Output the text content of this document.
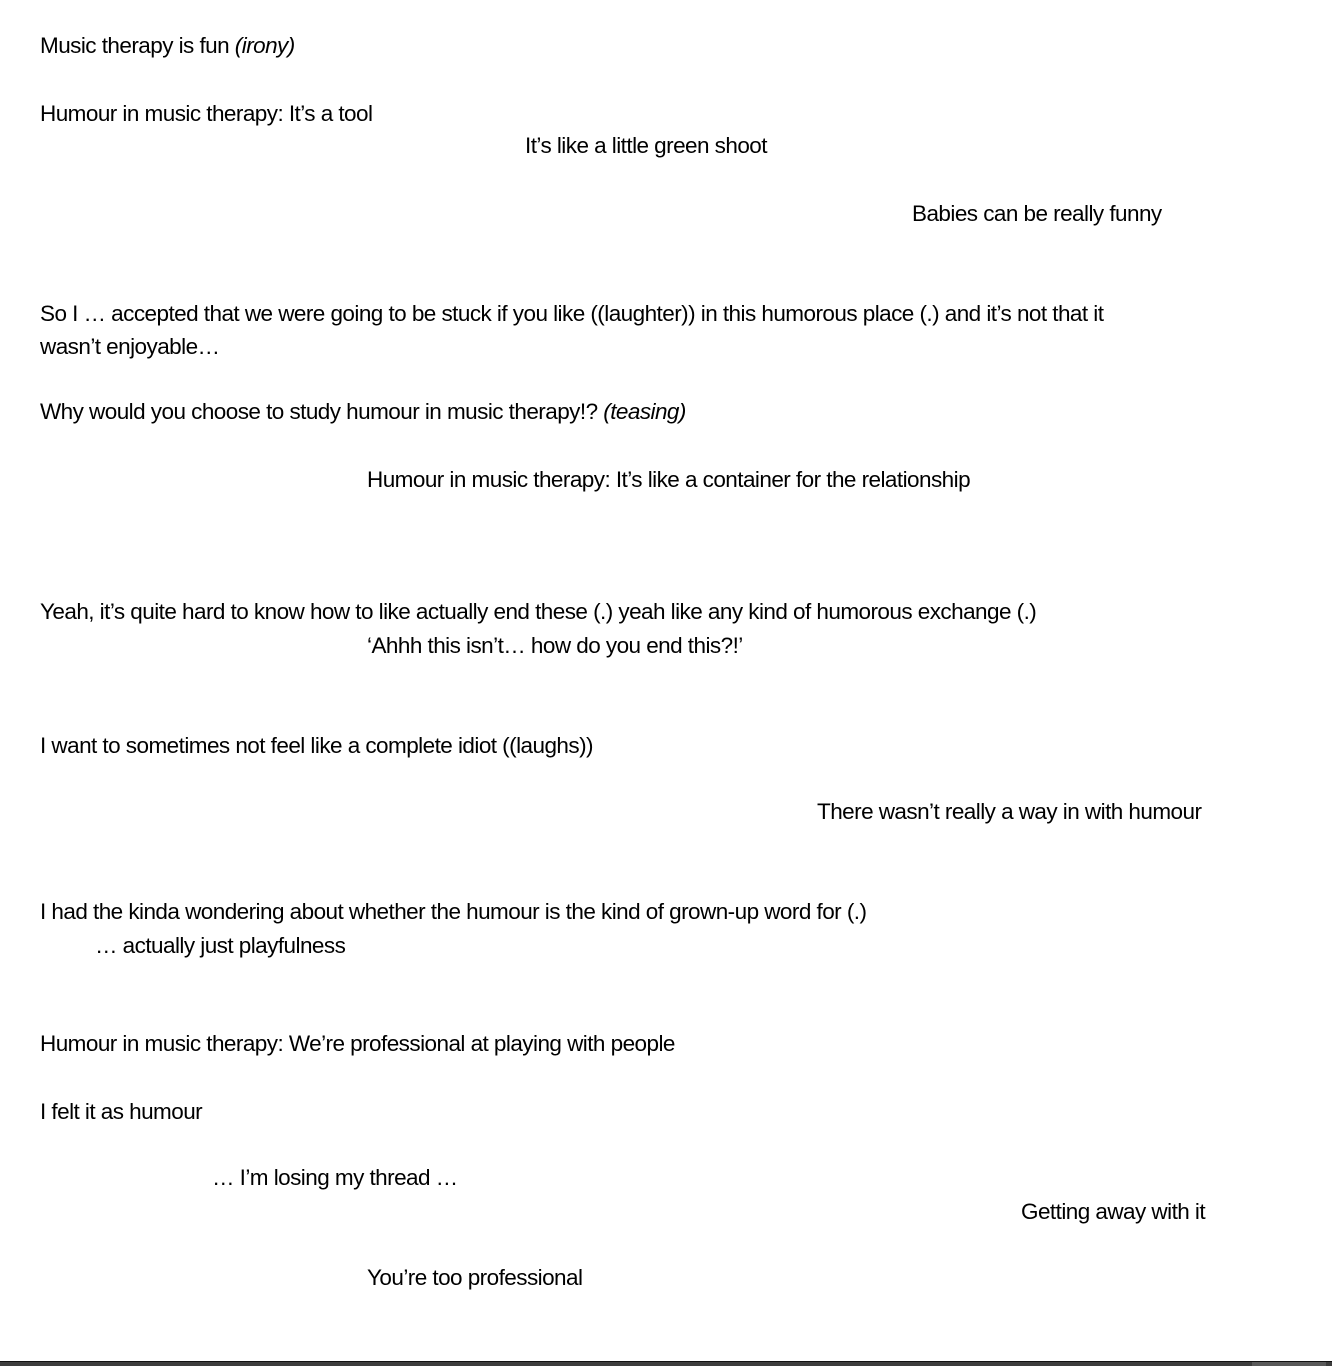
Music therapy is fun (irony)
Humour in music therapy: It’s a tool
It’s like a little green shoot
Babies can be really funny
So I … accepted that we were going to be stuck if you like ((laughter)) in this humorous place (.) and it’s not that it
wasn’t enjoyable…
Why would you choose to study humour in music therapy!? (teasing)
Humour in music therapy: It’s like a container for the relationship
Yeah, it’s quite hard to know how to like actually end these (.) yeah like any kind of humorous exchange (.)
‘Ahhh this isn’t… how do you end this?!’
I want to sometimes not feel like a complete idiot ((laughs))
There wasn’t really a way in with humour
I had the kinda wondering about whether the humour is the kind of grown-up word for (.)
… actually just playfulness
Humour in music therapy: We’re professional at playing with people
I felt it as humour
… I’m losing my thread …
Getting away with it
You’re too professional
